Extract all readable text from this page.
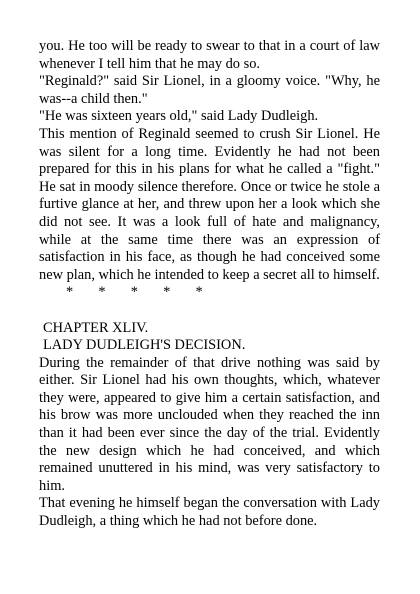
you. He too will be ready to swear to that in a court of law whenever I tell him that he may do so.

"Reginald?" said Sir Lionel, in a gloomy voice. "Why, he was--a child then."

"He was sixteen years old," said Lady Dudleigh.

This mention of Reginald seemed to crush Sir Lionel. He was silent for a long time. Evidently he had not been prepared for this in his plans for what he called a "fight." He sat in moody silence therefore. Once or twice he stole a furtive glance at her, and threw upon her a look which she did not see. It was a look full of hate and malignancy, while at the same time there was an expression of satisfaction in his face, as though he had conceived some new plan, which he intended to keep a secret all to himself.

*       *       *       *       *

CHAPTER XLIV.

LADY DUDLEIGH'S DECISION.

During the remainder of that drive nothing was said by either. Sir Lionel had his own thoughts, which, whatever they were, appeared to give him a certain satisfaction, and his brow was more unclouded when they reached the inn than it had been ever since the day of the trial. Evidently the new design which he had conceived, and which remained unuttered in his mind, was very satisfactory to him.

That evening he himself began the conversation with Lady Dudleigh, a thing which he had not before done.
